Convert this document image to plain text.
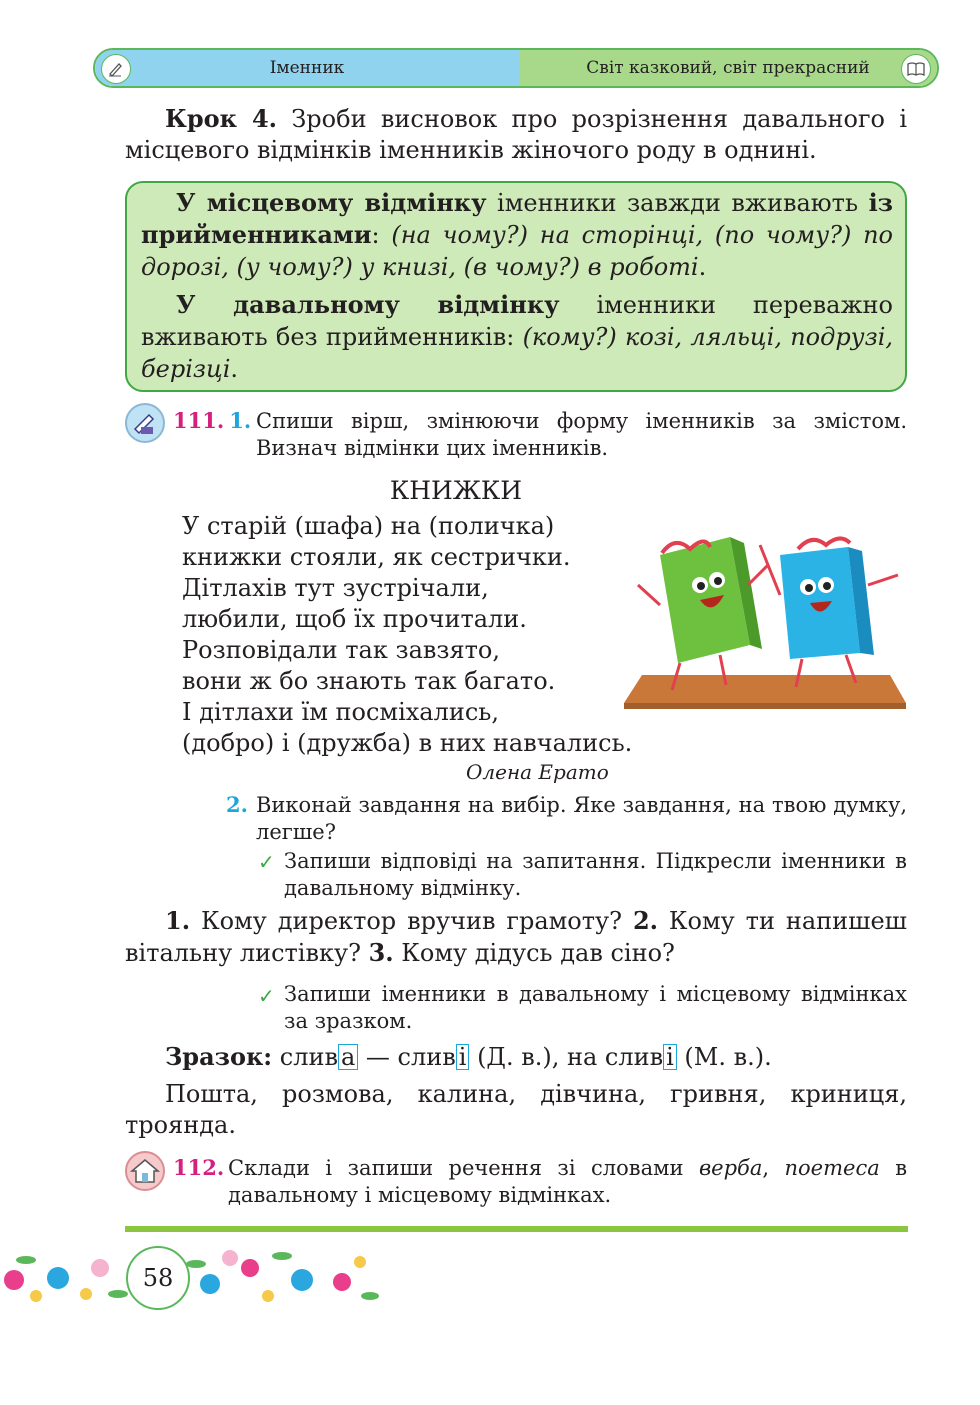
Іменник	Світ казковий, світ прекрасний
Крок 4. Зроби висновок про розрізнення давального і місцевого відмінків іменників жіночого роду в однині.
У місцевому відмінку іменники завжди вживають із прийменниками: (на чому?) на сторінці, (по чому?) по дорозі, (у чому?) у книзі, (в чому?) в роботі.
У давальному відмінку іменники переважно вживають без прийменників: (кому?) козі, ляльці, подрузі, берізці.
111. 1. Спиши вірш, змінюючи форму іменників за змістом. Визнач відмінки цих іменників.
КНИЖКИ
У старій (шафа) на (поличка)
книжки стояли, як сестрички.
Дітлахів тут зустрічали,
любили, щоб їх прочитали.
Розповідали так завзято,
вони ж бо знають так багато.
І дітлахи їм посміхались,
(добро) і (дружба) в них навчались.
Олена Ерато
2. Виконай завдання на вибір. Яке завдання, на твою думку, легше?
✓ Запиши відповіді на запитання. Підкресли іменники в давальному відмінку.
1. Кому директор вручив грамоту? 2. Кому ти напишеш вітальну листівку? 3. Кому дідусь дав сіно?
✓ Запиши іменники в давальному і місцевому відмінках за зразком.
Зразок: слив а — слив і (Д. в.), на слив і (М. в.).
Пошта, розмова, калина, дівчина, гривня, криниця, троянда.
112. Склади і запиши речення зі словами верба, поетеса в давальному і місцевому відмінках.
58
